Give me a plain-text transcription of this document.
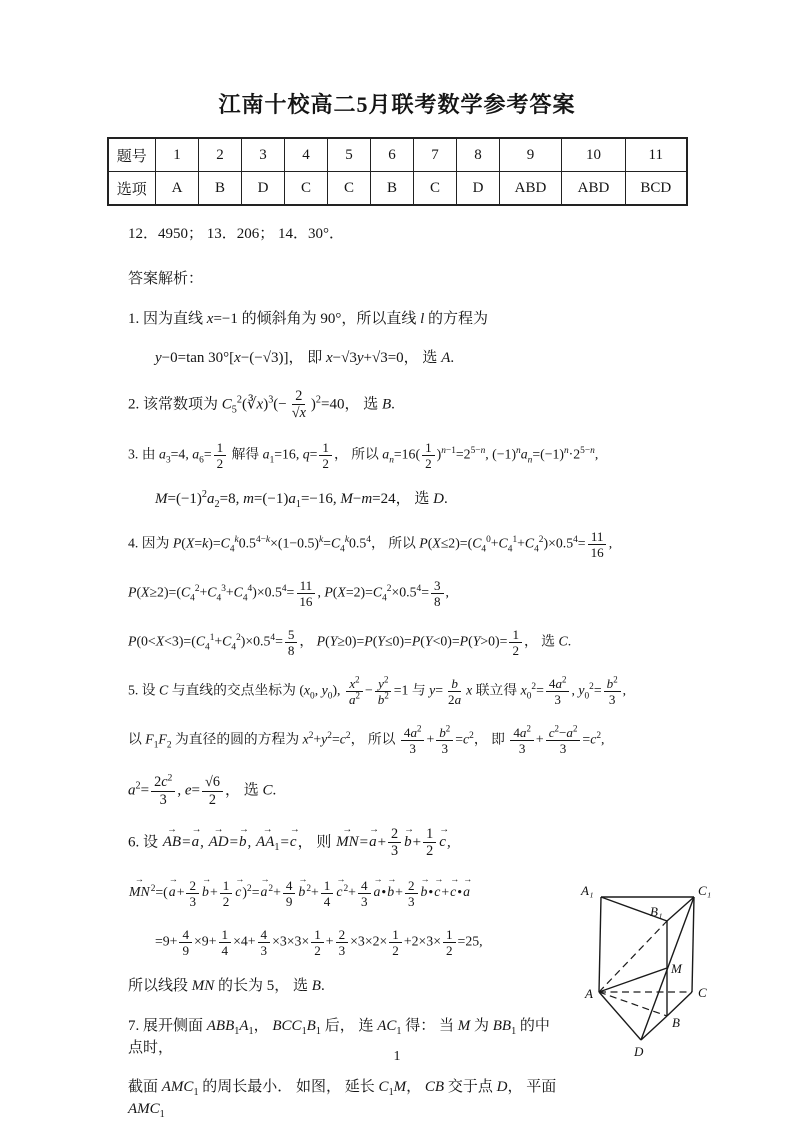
江南十校高二5月联考数学参考答案
题号	1	2	3	4	5	6	7	8	9	10	11
选项	A	B	D	C	C	B	C	D	ABD	ABD	BCD

12．4950； 13．206； 14．30°．

答案解析：

1. 因为直线 x=−1 的倾斜角为 90°，所以直线 l 的方程为

y−0=tan 30°[x−(−√3)]， 即 x−√3y+√3=0， 选 A.

2. 该常数项为 $C_5^2(∛x)^3(- \frac{2}{√x} )^2=40$， 选 B.

3. 由 $a_3=4$, $a_6= \frac{1}{2}$ 解得 $a_1=16$, $q= \frac{1}{2}$ ， 所以 $a_n=16( \frac{1}{2} )^{n-1}=2^{5-n}$, $(-1)^na_n=(-1)^n\cdot 2^{5-n}$,

$M=(-1)^2a_2=8$, $m=(-1)a_1=-16$, M−m=24， 选 D.

4. 因为 $P(X=k)=C_4^k0.5^{4-k}\times(1-0.5)^k=C_4^k0.5^4$， 所以 $P(X\le 2)=(C_4^0+C_4^1+C_4^2)\times 0.5^4= \frac{11}{16}$ ,

$P(X\ge 2)=(C_4^2+C_4^3+C_4^4)\times 0.5^4= \frac{11}{16}$ , $P(X=2)=C_4^2\times 0.5^4= \frac{3}{8}$ ,

$P(0<X<3)=(C_4^1+C_4^2)\times 0.5^4= \frac{5}{8}$ ， $P(Y\ge 0)=P(Y\le 0)=P(Y<0)=P(Y>0)= \frac{1}{2}$ ， 选 C.

5. 设 C 与直线的交点坐标为 ($x_0$, $y_0$), $\frac{x^2}{a^2} - \frac{y^2}{b^2} =1$ 与 $y= \frac{b}{2a}$ x 联立得 $x_0^2= \frac{4a^2}{3}$ , $y_0^2= \frac{b^2}{3}$ ,

以 $F_1F_2$ 为直径的圆的方程为 $x^2+y^2=c^2$， 所以 $\frac{4a^2}{3} + \frac{b^2}{3} =c^2$， 即 $\frac{4a^2}{3} + \frac{c^2-a^2}{3} =c^2$,

$a^2= \frac{2c^2}{3}$ , $e= \frac{√6}{2}$ ， 选 C.

6. 设 → AB=→ a, → AD=→ b, → $AA_1=\to c$， 则 → $MN=\to a+ \frac{2}{3} \to b+ \frac{1}{2} \to c$,

→ $MN^2=(\to a+ \frac{2}{3} \to b+ \frac{1}{2} \to c)^2=\to a^2+ \frac{4}{9} \to b^2+ \frac{1}{4} \to c^2+ \frac{4}{3}$ → a•→ $b+ \frac{2}{3}$ → b•→ c+→ c•→ a

$=9+ \frac{4}{9} \times 9+ \frac{1}{4} \times 4+ \frac{4}{3} \times 3\times 3\times \frac{1}{2} + \frac{2}{3} \times 3\times 2\times \frac{1}{2} +2\times 3\times \frac{1}{2} =25$,

所以线段 MN 的长为 5， 选 B.

7. 展开侧面 $ABB_1A_1$， $BCC_1B_1$ 后， 连 $AC_1$ 得： 当 M 为 $BB_1$ 的中点时，

截面 $AMC_1$ 的周长最小． 如图， 延长 $C_1M$， CB 交于点 D， 平面 $AMC_1$

A₁
B₁
C₁
A
B
C
M
D
1
